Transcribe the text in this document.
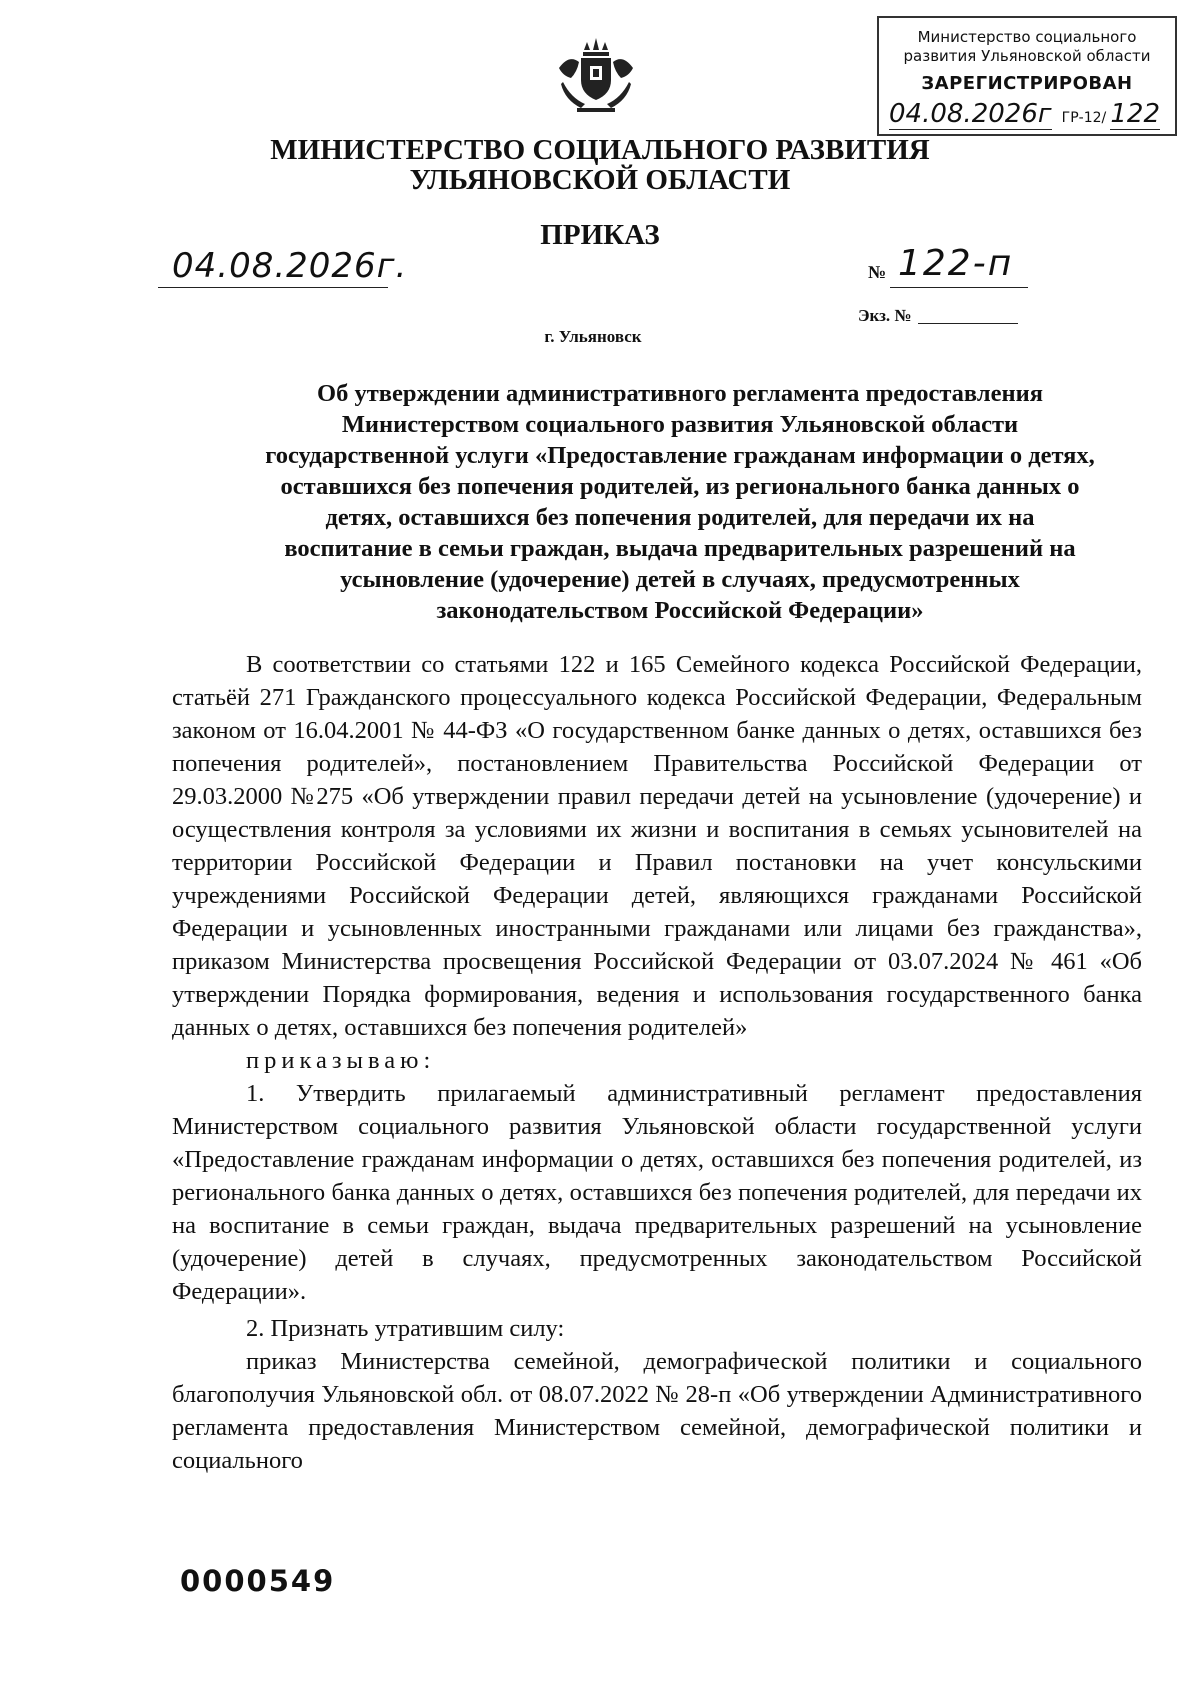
Министерство социального
развития Ульяновской области
ЗАРЕГИСТРИРОВАН
04.08.2026г ГР-12/ 122
МИНИСТЕРСТВО СОЦИАЛЬНОГО РАЗВИТИЯ
УЛЬЯНОВСКОЙ ОБЛАСТИ
ПРИКАЗ
04.08.2026г.	№ 122-п
Экз. №
г. Ульяновск
Об утверждении административного регламента предоставления
Министерством социального развития Ульяновской области
государственной услуги «Предоставление гражданам информации о детях,
оставшихся без попечения родителей, из регионального банка данных о
детях, оставшихся без попечения родителей, для передачи их на
воспитание в семьи граждан, выдача предварительных разрешений на
усыновление (удочерение) детей в случаях, предусмотренных
законодательством Российской Федерации»

В соответствии со статьями 122 и 165 Семейного кодекса Российской Федерации, статьёй 271 Гражданского процессуального кодекса Российской Федерации, Федеральным законом от 16.04.2001 № 44-ФЗ «О государственном банке данных о детях, оставшихся без попечения родителей», постановлением Правительства Российской Федерации от 29.03.2000 №275 «Об утверждении правил передачи детей на усыновление (удочерение) и осуществления контроля за условиями их жизни и воспитания в семьях усыновителей на территории Российской Федерации и Правил постановки на учет консульскими учреждениями Российской Федерации детей, являющихся гражданами Российской Федерации и усыновленных иностранными гражданами или лицами без гражданства», приказом Министерства просвещения Российской Федерации от 03.07.2024 № 461 «Об утверждении Порядка формирования, ведения и использования государственного банка данных о детях, оставшихся без попечения родителей»

приказываю:

1. Утвердить прилагаемый административный регламент предоставления Министерством социального развития Ульяновской области государственной услуги «Предоставление гражданам информации о детях, оставшихся без попечения родителей, из регионального банка данных о детях, оставшихся без попечения родителей, для передачи их на воспитание в семьи граждан, выдача предварительных разрешений на усыновление (удочерение) детей в случаях, предусмотренных законодательством Российской Федерации».

2. Признать утратившим силу:

приказ Министерства семейной, демографической политики и социального благополучия Ульяновской обл. от 08.07.2022 № 28-п «Об утверждении Административного регламента предоставления Министерством семейной, демографической политики и социального

0000549
